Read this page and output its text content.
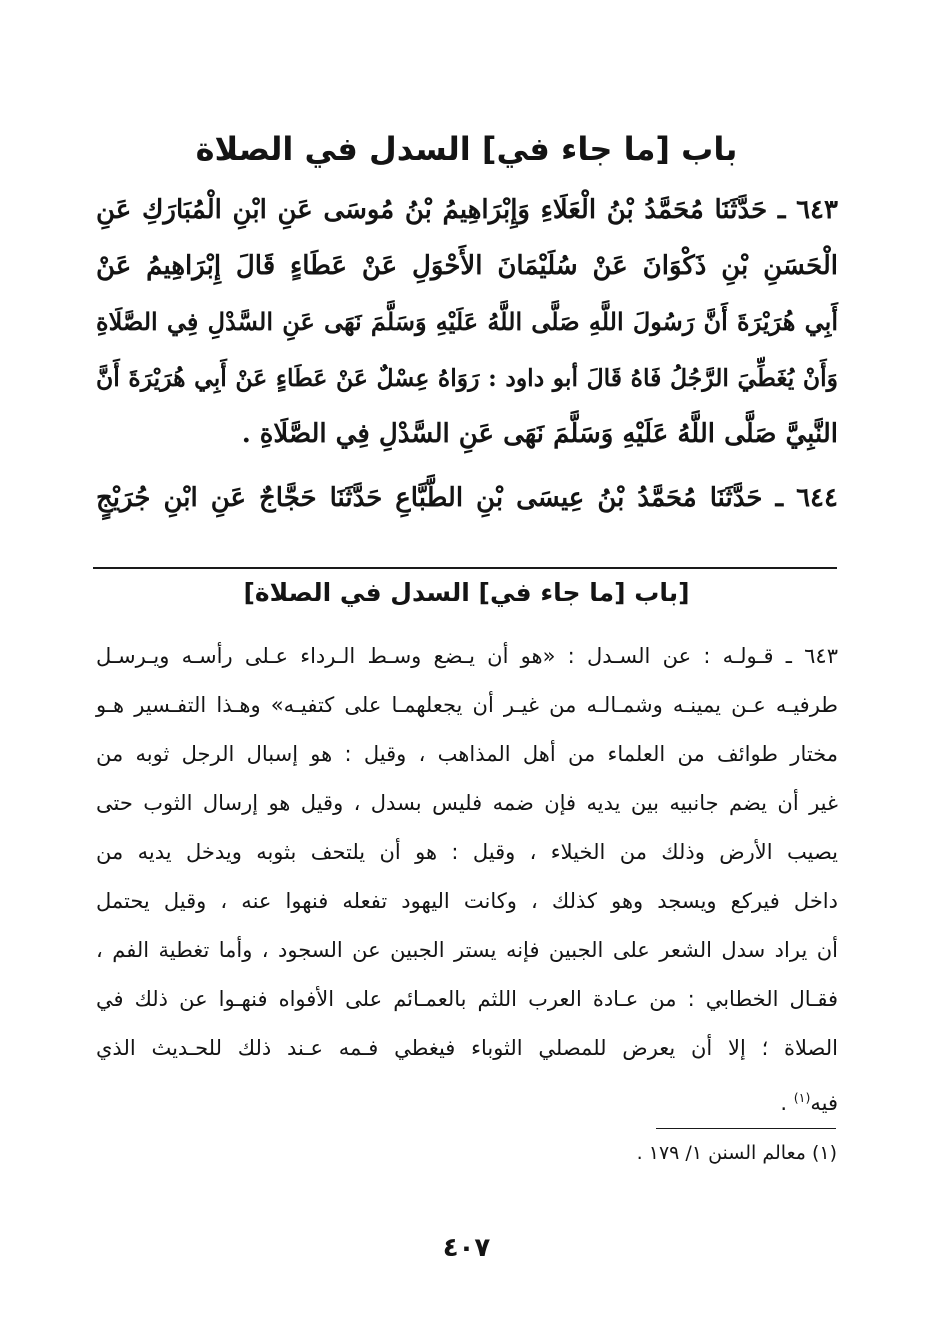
باب [ما جاء في] السدل في الصلاة
٦٤٣ ـ حَدَّثَنَا مُحَمَّدُ بْنُ الْعَلَاءِ وَإِبْرَاهِيمُ بْنُ مُوسَى عَنِ ابْنِ الْمُبَارَكِ عَنِ
الْحَسَنِ بْنِ ذَكْوَانَ عَنْ سُلَيْمَانَ الأَحْوَلِ عَنْ عَطَاءٍ قَالَ إِبْرَاهِيمُ عَنْ
أَبِي هُرَيْرَةَ أَنَّ رَسُولَ اللَّهِ صَلَّى اللَّهُ عَلَيْهِ وَسَلَّمَ نَهَى عَنِ السَّدْلِ فِي الصَّلَاةِ
وَأَنْ يُغَطِّيَ الرَّجُلُ فَاهُ قَالَ أبو داود : رَوَاهُ عِسْلٌ عَنْ عَطَاءٍ عَنْ أَبِي هُرَيْرَةَ أَنَّ
النَّبِيَّ صَلَّى اللَّهُ عَلَيْهِ وَسَلَّمَ نَهَى عَنِ السَّدْلِ فِي الصَّلَاةِ .
٦٤٤ ـ حَدَّثَنَا مُحَمَّدُ بْنُ عِيسَى بْنِ الطَّبَّاعِ حَدَّثَنَا حَجَّاجٌ عَنِ ابْنِ جُرَيْجٍ
[باب [ما جاء في] السدل في الصلاة]
٦٤٣ ـ قـولـه : عن السـدل : «هو أن يـضع وسـط الـرداء عـلى رأسـه ويـرسـل
طرفيـه عـن يمينـه وشمـالـه من غيـر أن يجعلهمـا على كتفيـه» وهـذا التفـسير هـو
مختار طوائف من العلماء من أهل المذاهب ، وقيل : هو إسبال الرجل ثوبه من
غير أن يضم جانبيه بين يديه فإن ضمه فليس بسدل ، وقيل هو إرسال الثوب حتى
يصيب الأرض وذلك من الخيلاء ، وقيل : هو أن يلتحف بثوبه ويدخل يديه من
داخل فيركع ويسجد وهو كذلك ، وكانت اليهود تفعله فنهوا عنه ، وقيل يحتمل
أن يراد سدل الشعر على الجبين فإنه يستر الجبين عن السجود ، وأما تغطية الفم ،
فقـال الخطابي : من عـادة العرب اللثم بالعمـائم على الأفواه فنهـوا عن ذلك في
الصلاة ؛ إلا أن يعرض للمصلي الثوباء فيغطي فـمه عـند ذلك للحـديث الذي
فيه$^{(١)}$ .
(١) معالم السنن ١/ ١٧٩ .
٤٠٧
